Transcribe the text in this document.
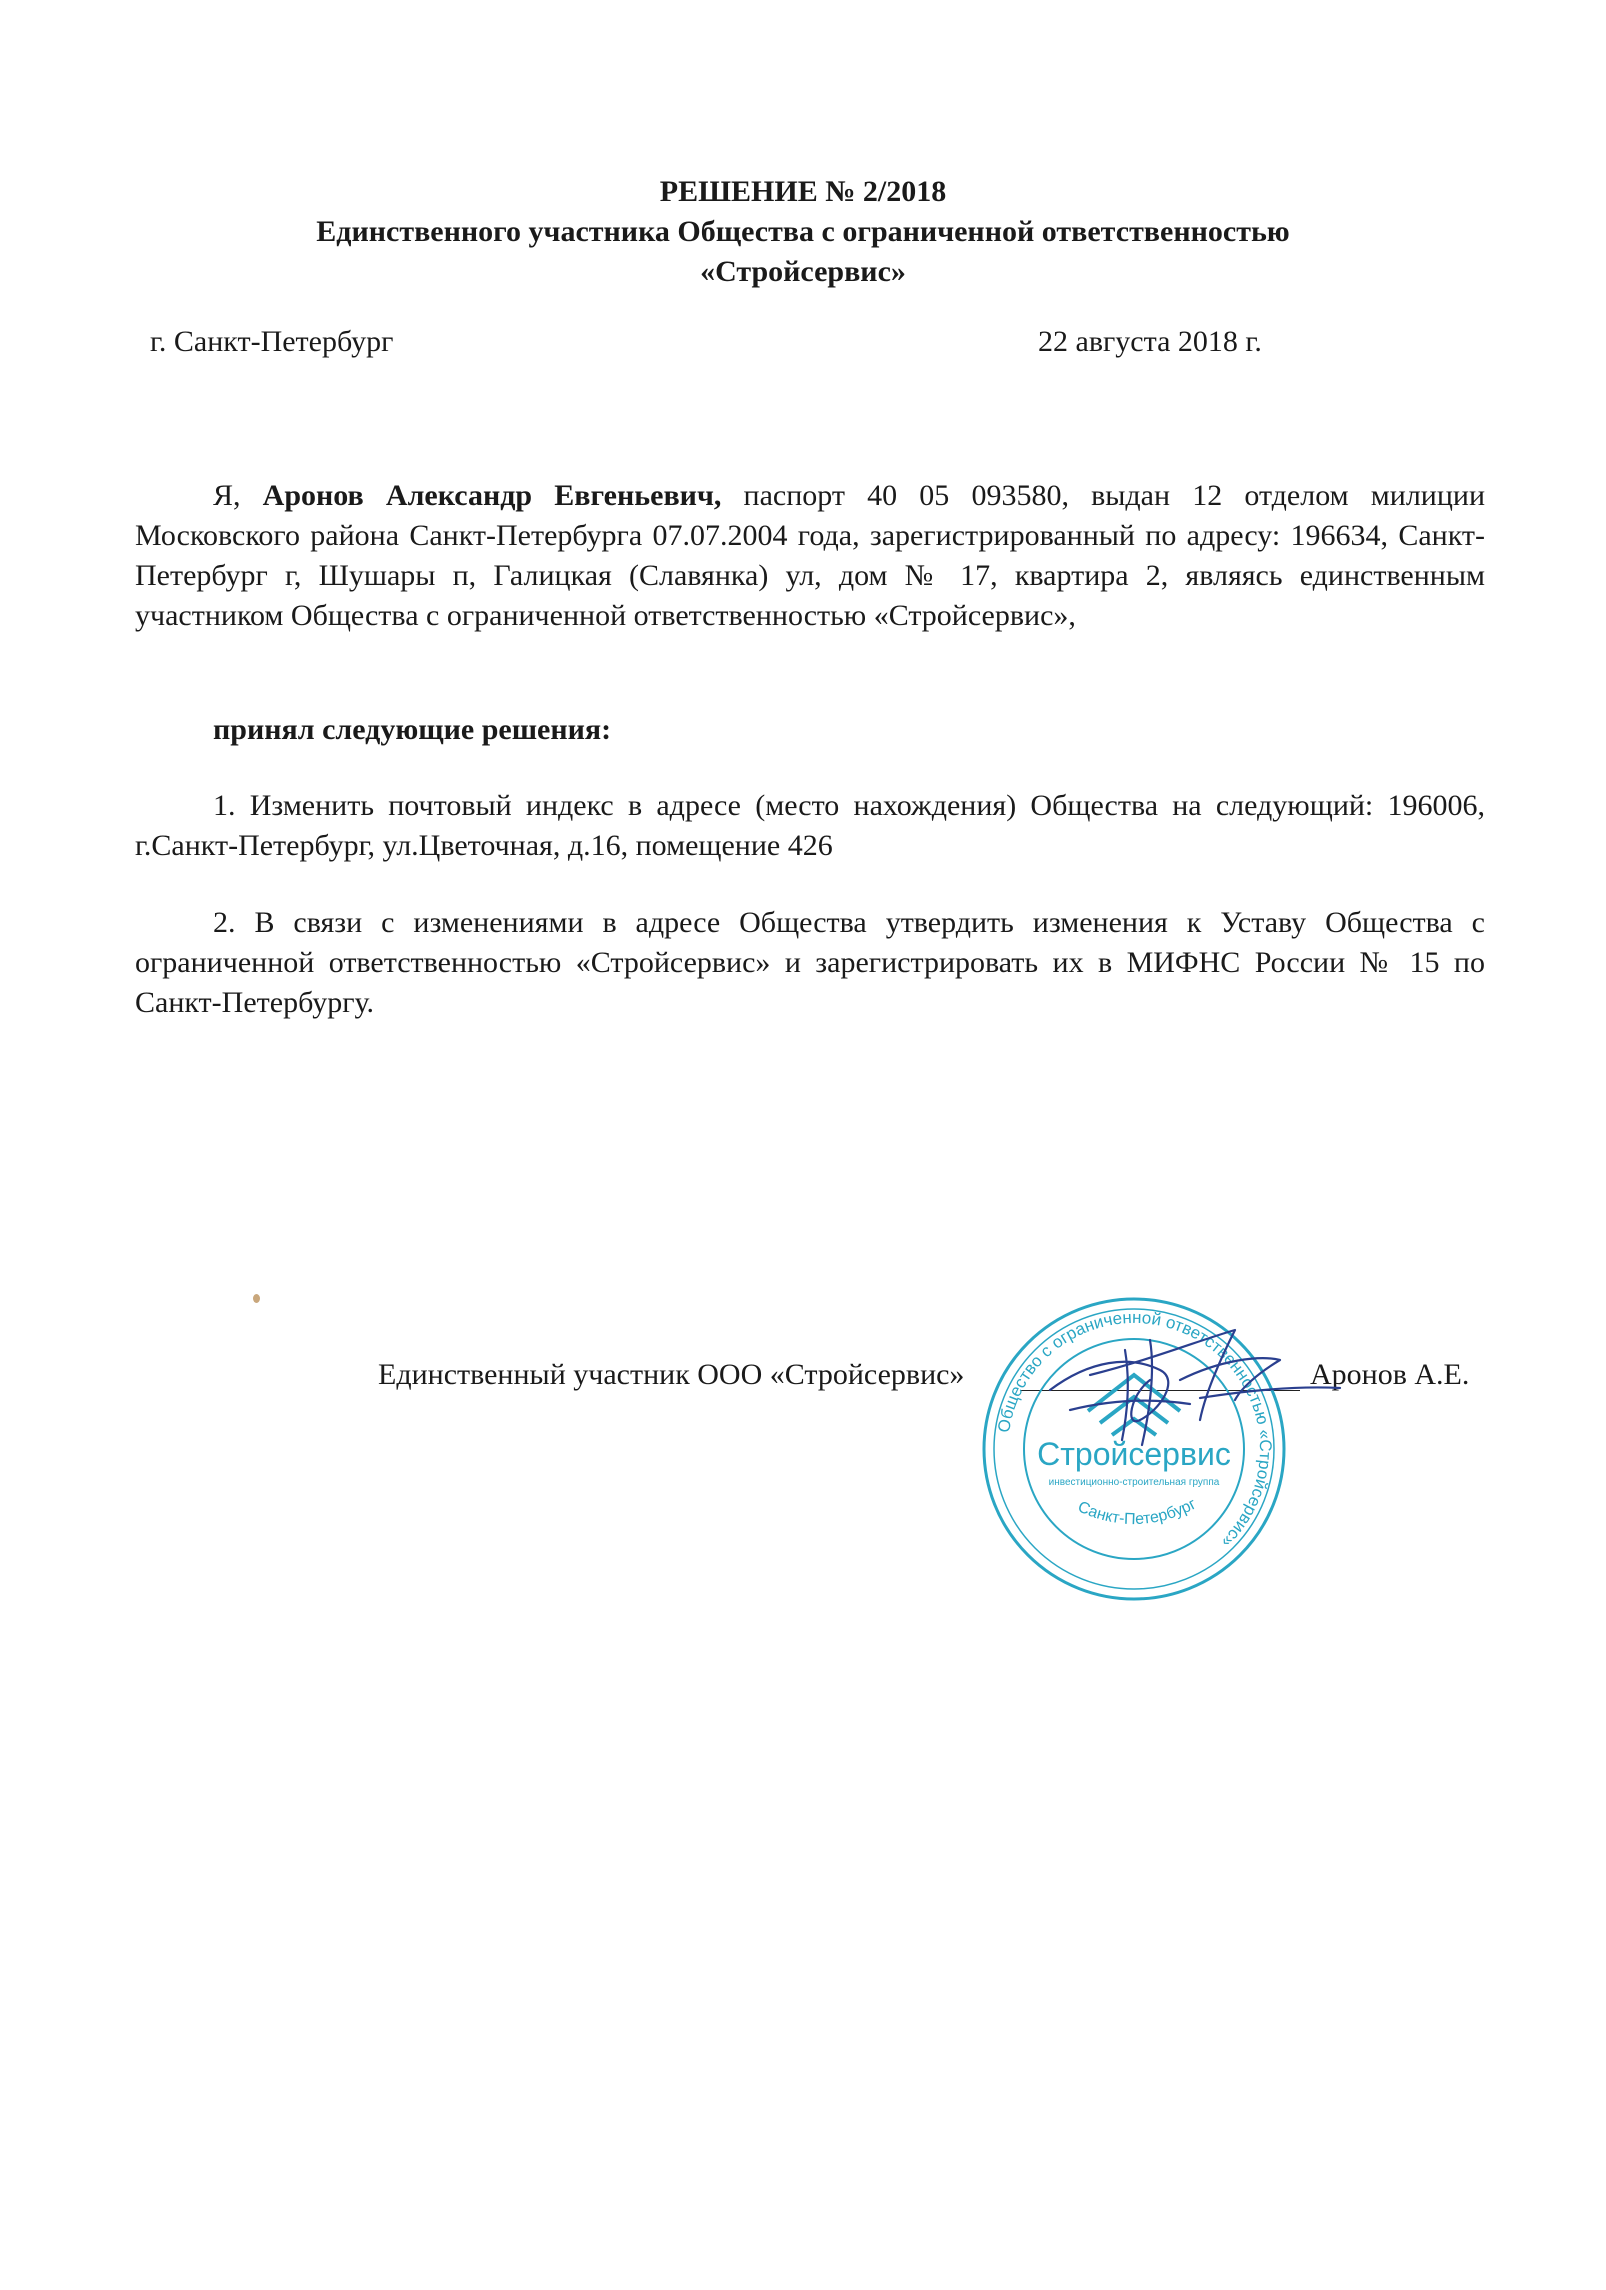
РЕШЕНИЕ № 2/2018
Единственного участника Общества с ограниченной ответственностью
«Стройсервис»
г. Санкт-Петербург	22 августа 2018 г.
Я, Аронов Александр Евгеньевич, паспорт 40 05 093580, выдан 12 отделом милиции Московского района Санкт-Петербурга 07.07.2004 года, зарегистрированный по адресу: 196634, Санкт-Петербург г, Шушары п, Галицкая (Славянка) ул, дом № 17, квартира 2, являясь единственным участником Общества с ограниченной ответственностью «Стройсервис»,
принял следующие решения:
1. Изменить почтовый индекс в адресе (место нахождения) Общества на следующий: 196006, г.Санкт-Петербург, ул.Цветочная, д.16, помещение 426
2. В связи с изменениями в адресе Общества утвердить изменения к Уставу Общества с ограниченной ответственностью «Стройсервис» и зарегистрировать их в МИФНС России № 15 по Санкт-Петербургу.
Единственный участник ООО «Стройсервис»	Аронов А.Е.
Общество с ограниченной ответственностью «Стройсервис»
Стройсервис
инвестиционно-строительная группа
Санкт-Петербург
